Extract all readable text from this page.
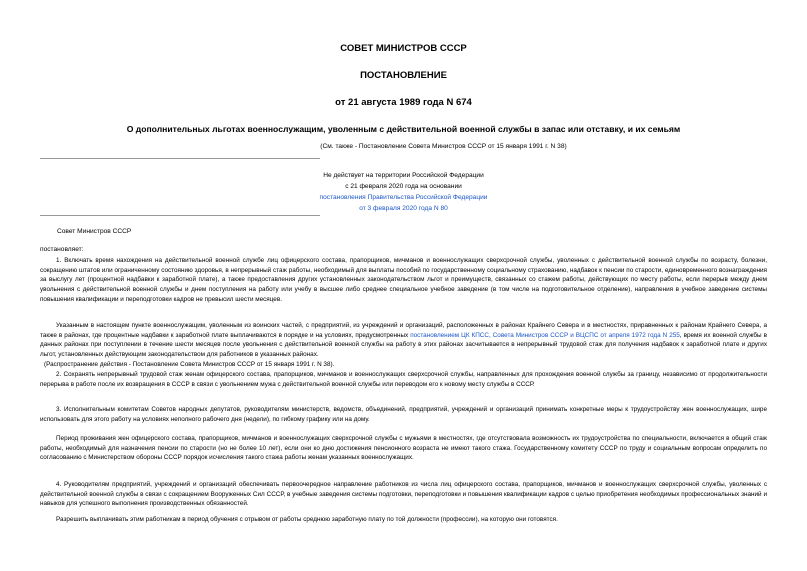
СОВЕТ МИНИСТРОВ СССР
ПОСТАНОВЛЕНИЕ
от 21 августа 1989 года N 674
О дополнительных льготах военнослужащим, уволенным с действительной военной службы в запас или отставку, и их семьям
(См. также - Постановление Совета Министров СССР от 15 января 1991 г. N 38)
Не действует на территории Российской Федерации
с 21 февраля 2020 года на основании
постановления Правительства Российской Федерации
от 3 февраля 2020 года N 80
Совет Министров СССР
постановляет:
1. Включать время нахождения на действительной военной службе лиц офицерского состава, прапорщиков, мичманов и военнослужащих сверхсрочной службы, уволенных с действительной военной службы по возрасту, болезни, сокращению штатов или ограниченному состоянию здоровья, в непрерывный стаж работы, необходимый для выплаты пособий по государственному социальному страхованию, надбавок к пенсии по старости, единовременного вознаграждения за выслугу лет (процентной надбавки к заработной плате), а также предоставления других установленных законодательством льгот и преимуществ, связанных со стажем работы, действующих по месту работы, если перерыв между днем увольнения с действительной военной службы и днем поступления на работу или учебу в высшее либо среднее специальное учебное заведение (в том числе на подготовительное отделение), направления в учебное заведение системы повышения квалификации и переподготовки кадров не превысил шести месяцев.
Указанным в настоящем пункте военнослужащим, уволенным из воинских частей, с предприятий, из учреждений и организаций, расположенных в районах Крайнего Севера и в местностях, приравненных к районам Крайнего Севера, а также в районах, где процентные надбавки к заработной плате выплачиваются в порядке и на условиях, предусмотренных постановлением ЦК КПСС, Совета Министров СССР и ВЦСПС от апреля 1972 года N 255, время их военной службы в данных районах при поступлении в течение шести месяцев после увольнения с действительной военной службы на работу в этих районах засчитывается в непрерывный трудовой стаж для получения надбавок к заработной плате и других льгот, установленных действующим законодательством для работников в указанных районах.
(Распространение действия - Постановление Совета Министров СССР от 15 января 1991 г. N 38).
2. Сохранять непрерывный трудовой стаж женам офицерского состава, прапорщиков, мичманов и военнослужащих сверхсрочной службы, направленных для прохождения военной службы за границу, независимо от продолжительности перерыва в работе после их возвращения в СССР в связи с увольнением мужа с действительной военной службы или переводом его к новому месту службы в СССР.
3. Исполнительным комитетам Советов народных депутатов, руководителям министерств, ведомств, объединений, предприятий, учреждений и организаций принимать конкретные меры к трудоустройству жен военнослужащих, шире использовать для этого работу на условиях неполного рабочего дня (недели), по гибкому графику или на дому.
Период проживания жен офицерского состава, прапорщиков, мичманов и военнослужащих сверхсрочной службы с мужьями в местностях, где отсутствовала возможность их трудоустройства по специальности, включается в общий стаж работы, необходимый для назначения пенсии по старости (но не более 10 лет), если они ко дню достижения пенсионного возраста не имеют такого стажа. Государственному комитету СССР по труду и социальным вопросам определить по согласованию с Министерством обороны СССР порядок исчисления такого стажа работы женам указанных военнослужащих.
4. Руководителям предприятий, учреждений и организаций обеспечивать первоочередное направление работников из числа лиц офицерского состава, прапорщиков, мичманов и военнослужащих сверхсрочной службы, уволенных с действительной военной службы в связи с сокращением Вооруженных Сил СССР, в учебные заведения системы подготовки, переподготовки и повышения квалификации кадров с целью приобретения необходимых профессиональных знаний и навыков для успешного выполнения производственных обязанностей.
Разрешить выплачивать этим работникам в период обучения с отрывом от работы среднюю заработную плату по той должности (профессии), на которую они готовятся.
